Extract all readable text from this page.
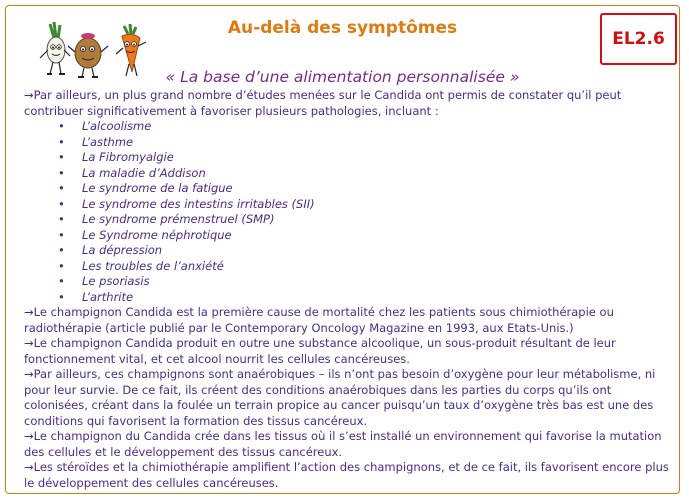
Au-delà des symptômes
EL2.6
« La base d’une alimentation personnalisée »

→Par ailleurs, un plus grand nombre d’études menées sur le Candida ont permis de constater qu’il peut contribuer significativement à favoriser plusieurs pathologies, incluant :

• L’alcoolisme
• L’asthme
• La Fibromyalgie
• La maladie d’Addison
• Le syndrome de la fatigue
• Le syndrome des intestins irritables (SII)
• Le syndrome prémenstruel (SMP)
• Le Syndrome néphrotique
• La dépression
• Les troubles de l’anxiété
• Le psoriasis
• L’arthrite

→Le champignon Candida est la première cause de mortalité chez les patients sous chimiothérapie ou radiothérapie (article publié par le Contemporary Oncology Magazine en 1993, aux Etats-Unis.)

→Le champignon Candida produit en outre une substance alcoolique, un sous-produit résultant de leur fonctionnement vital, et cet alcool nourrit les cellules cancéreuses.

→Par ailleurs, ces champignons sont anaérobiques – ils n’ont pas besoin d’oxygène pour leur métabolisme, ni pour leur survie. De ce fait, ils créent des conditions anaérobiques dans les parties du corps qu’ils ont colonisées, créant dans la foulée un terrain propice au cancer puisqu’un taux d’oxygène très bas est une des conditions qui favorisent la formation des tissus cancéreux.

→Le champignon du Candida crée dans les tissus où il s’est installé un environnement qui favorise la mutation des cellules et le développement des tissus cancéreux.

→Les stéroïdes et la chimiothérapie amplifient l’action des champignons, et de ce fait, ils favorisent encore plus le développement des cellules cancéreuses.
